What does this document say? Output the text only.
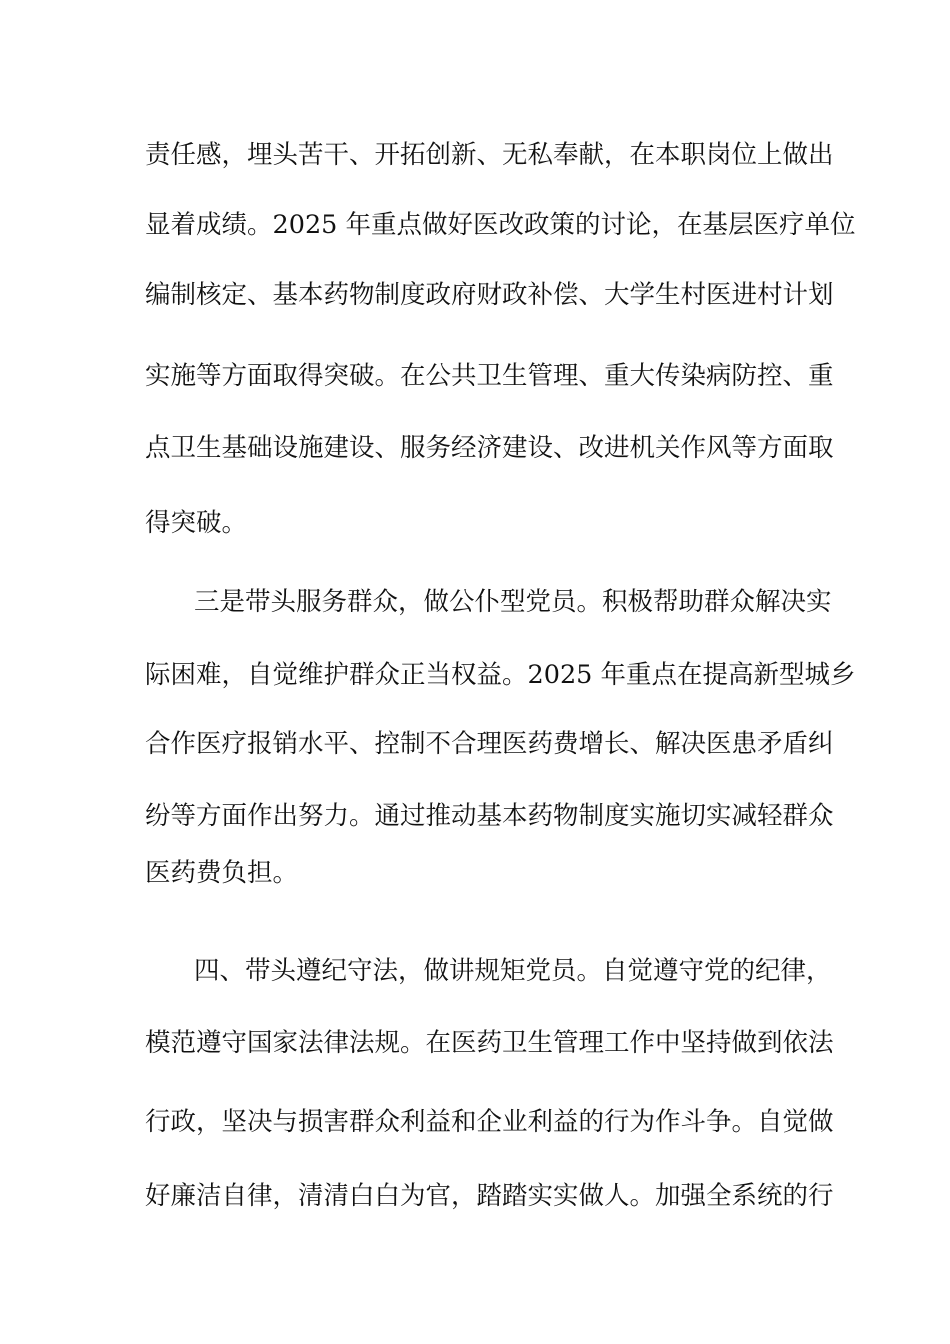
责任感，埋头苦干、开拓创新、无私奉献，在本职岗位上做出
显着成绩。2025 年重点做好医改政策的讨论，在基层医疗单位
编制核定、基本药物制度政府财政补偿、大学生村医进村计划
实施等方面取得突破。在公共卫生管理、重大传染病防控、重
点卫生基础设施建设、服务经济建设、改进机关作风等方面取
得突破。
三是带头服务群众，做公仆型党员。积极帮助群众解决实
际困难，自觉维护群众正当权益。2025 年重点在提高新型城乡
合作医疗报销水平、控制不合理医药费增长、解决医患矛盾纠
纷等方面作出努力。通过推动基本药物制度实施切实减轻群众
医药费负担。
四、带头遵纪守法，做讲规矩党员。自觉遵守党的纪律，
模范遵守国家法律法规。在医药卫生管理工作中坚持做到依法
行政，坚决与损害群众利益和企业利益的行为作斗争。自觉做
好廉洁自律，清清白白为官，踏踏实实做人。加强全系统的行
